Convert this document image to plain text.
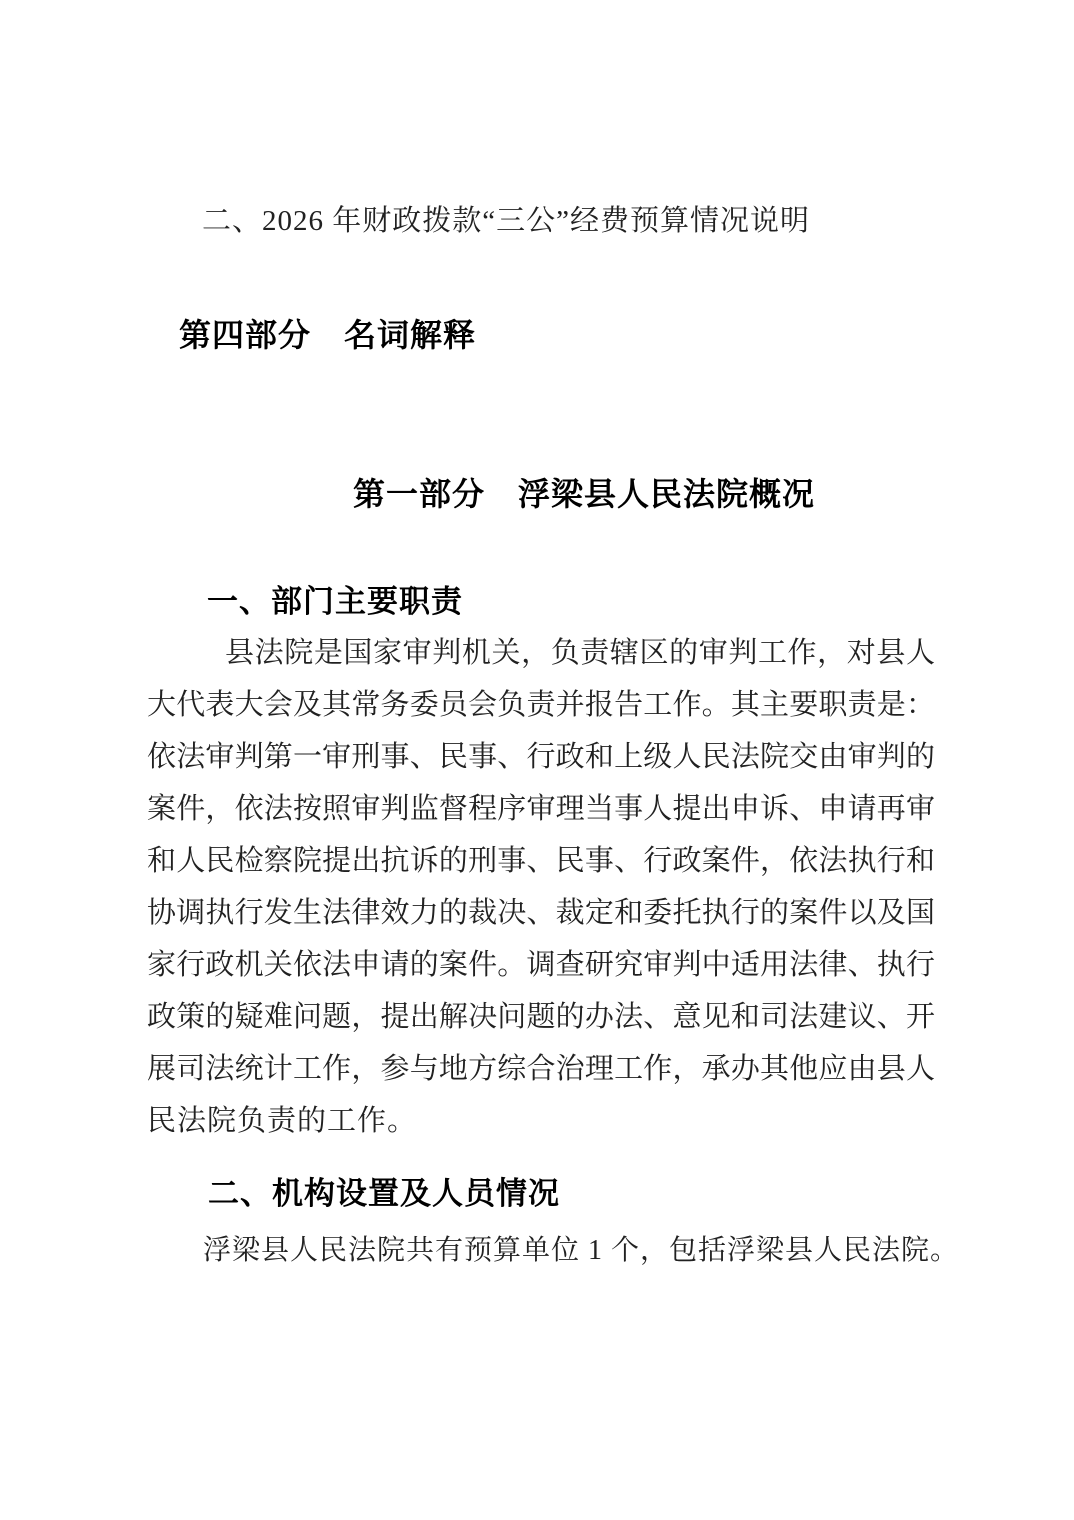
二、2026 年财政拨款“三公”经费预算情况说明
第四部分　名词解释
第一部分　浮梁县人民法院概况
一、部门主要职责
县法院是国家审判机关，负责辖区的审判工作，对县人
大代表大会及其常务委员会负责并报告工作。其主要职责是：
依法审判第一审刑事、民事、行政和上级人民法院交由审判的
案件，依法按照审判监督程序审理当事人提出申诉、申请再审
和人民检察院提出抗诉的刑事、民事、行政案件，依法执行和
协调执行发生法律效力的裁决、裁定和委托执行的案件以及国
家行政机关依法申请的案件。调查研究审判中适用法律、执行
政策的疑难问题，提出解决问题的办法、意见和司法建议、开
展司法统计工作，参与地方综合治理工作，承办其他应由县人
民法院负责的工作。
二、机构设置及人员情况
浮梁县人民法院共有预算单位 1 个，包括浮梁县人民法院。
